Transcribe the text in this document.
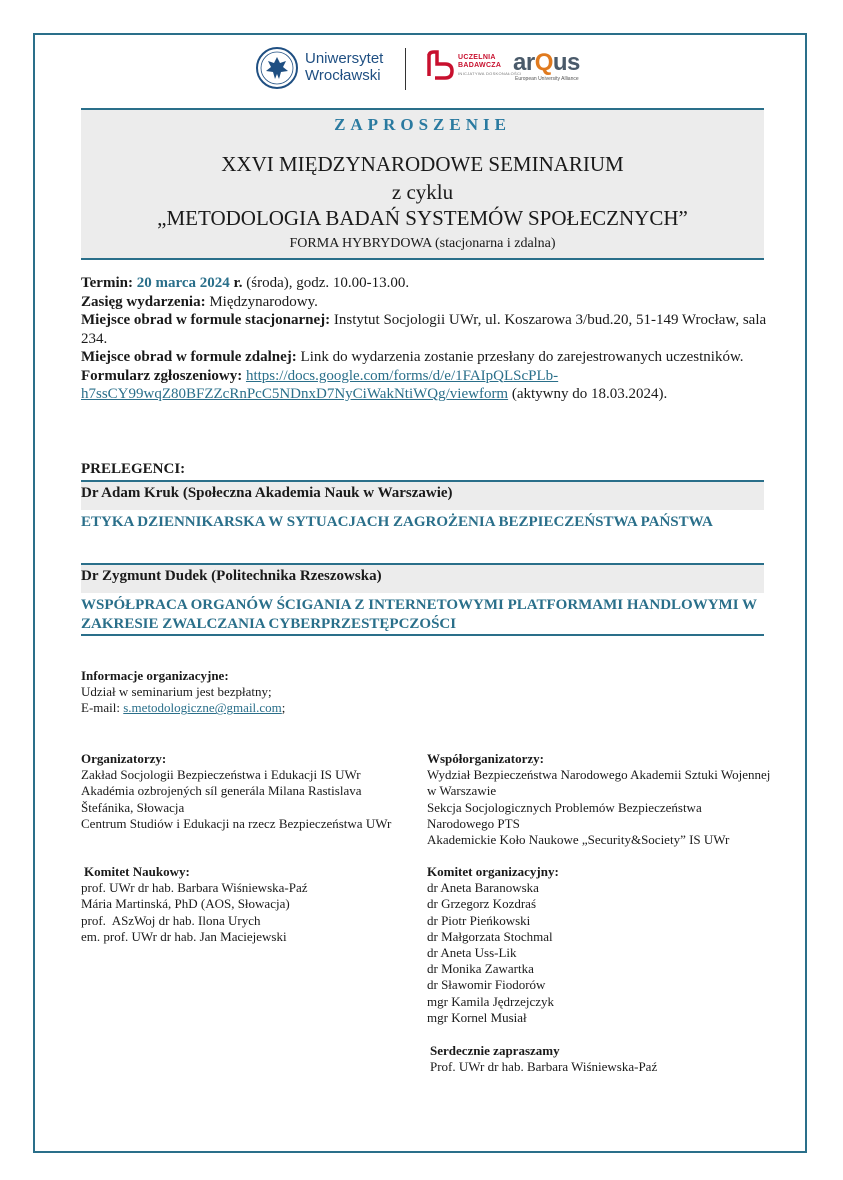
Uniwersytet
Wrocławski
UCZELNIA
BADAWCZA
INICJATYWA DOSKONAŁOŚCI
arQus
European University Alliance
ZAPROSZENIE
XXVI MIĘDZYNARODOWE SEMINARIUM
z cyklu
„METODOLOGIA BADAŃ SYSTEMÓW SPOŁECZNYCH”
FORMA HYBRYDOWA (stacjonarna i zdalna)

Termin: 20 marca 2024 r. (środa), godz. 10.00-13.00.

Zasięg wydarzenia: Międzynarodowy.

Miejsce obrad w formule stacjonarnej: Instytut Socjologii UWr, ul. Koszarowa 3/bud.20, 51-149 Wrocław, sala 234.

Miejsce obrad w formule zdalnej: Link do wydarzenia zostanie przesłany do zarejestrowanych uczestników.

Formularz zgłoszeniowy: https://docs.google.com/forms/d/e/1FAIpQLScPLb-
h7ssCY99wqZ80BFZZcRnPcC5NDnxD7NyCiWakNtiWQg/viewform (aktywny do 18.03.2024).

PRELEGENCI:
Dr Adam Kruk (Społeczna Akademia Nauk w Warszawie)
ETYKA DZIENNIKARSKA W SYTUACJACH ZAGROŻENIA BEZPIECZEŃSTWA PAŃSTWA
Dr Zygmunt Dudek (Politechnika Rzeszowska)
WSPÓŁPRACA ORGANÓW ŚCIGANIA Z INTERNETOWYMI PLATFORMAMI HANDLOWYMI W ZAKRESIE ZWALCZANIA CYBERPRZESTĘPCZOŚCI

Informacje organizacyjne:

Udział w seminarium jest bezpłatny;

E-mail: s.metodologiczne@gmail.com;

Organizatorzy:

Zakład Socjologii Bezpieczeństwa i Edukacji IS UWr

Akadémia ozbrojených síl generála Milana Rastislava Štefánika, Słowacja

Centrum Studiów i Edukacji na rzecz Bezpieczeństwa UWr

Współorganizatorzy:

Wydział Bezpieczeństwa Narodowego Akademii Sztuki Wojennej w Warszawie

Sekcja Socjologicznych Problemów Bezpieczeństwa Narodowego PTS

Akademickie Koło Naukowe „Security&Society” IS UWr

Komitet Naukowy:

prof. UWr dr hab. Barbara Wiśniewska-Paź

Mária Martinská, PhD (AOS, Słowacja)

prof.  ASzWoj dr hab. Ilona Urych

em. prof. UWr dr hab. Jan Maciejewski

Komitet organizacyjny:

dr Aneta Baranowska

dr Grzegorz Kozdraś

dr Piotr Pieńkowski

dr Małgorzata Stochmal

dr Aneta Uss-Lik

dr Monika Zawartka

dr Sławomir Fiodorów

mgr Kamila Jędrzejczyk

mgr Kornel Musiał

Serdecznie zapraszamy

Prof. UWr dr hab. Barbara Wiśniewska-Paź
